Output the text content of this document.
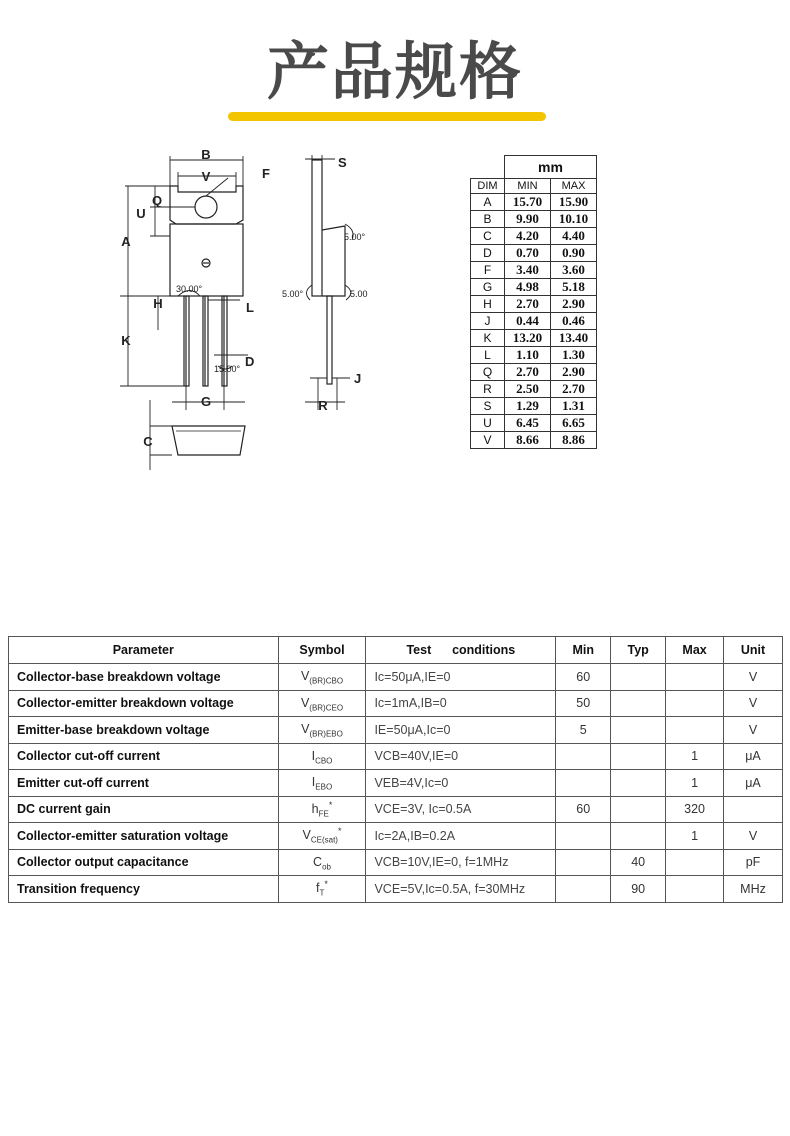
产品规格
B
V	F
S
Q
U
A
H	L
K
D
G
C
J
R
30.00°
15.00°
5.00°
5.00°	5.00
	mm	
DIM	MIN	MAX
A	15.70	15.90
B	9.90	10.10
C	4.20	4.40
D	0.70	0.90
F	3.40	3.60
G	4.98	5.18
H	2.70	2.90
J	0.44	0.46
K	13.20	13.40
L	1.10	1.30
Q	2.70	2.90
R	2.50	2.70
S	1.29	1.31
U	6.45	6.65
V	8.66	8.86
Parameter	Symbol	Test      conditions	Min	Typ	Max	Unit
Collector-base breakdown voltage	$V_{(BR)CBO}$	Ic=50μA,IE=0	60			V
Collector-emitter breakdown voltage	$V_{(BR)CEO}$	Ic=1mA,IB=0	50			V
Emitter-base breakdown voltage	$V_{(BR)EBO}$	IE=50μA,Ic=0	5			V
Collector cut-off current	$I_{CBO}$	VCB=40V,IE=0			1	μA
Emitter cut-off current	$I_{EBO}$	VEB=4V,Ic=0			1	μA
DC current gain	$h_{FE}^*$	VCE=3V, Ic=0.5A	60		320	
Collector-emitter saturation voltage	$V_{CE(sat)}^*$	Ic=2A,IB=0.2A			1	V
Collector output capacitance	$C_{ob}$	VCB=10V,IE=0, f=1MHz		40		pF
Transition frequency	$f_T^*$	VCE=5V,Ic=0.5A, f=30MHz		90		MHz
